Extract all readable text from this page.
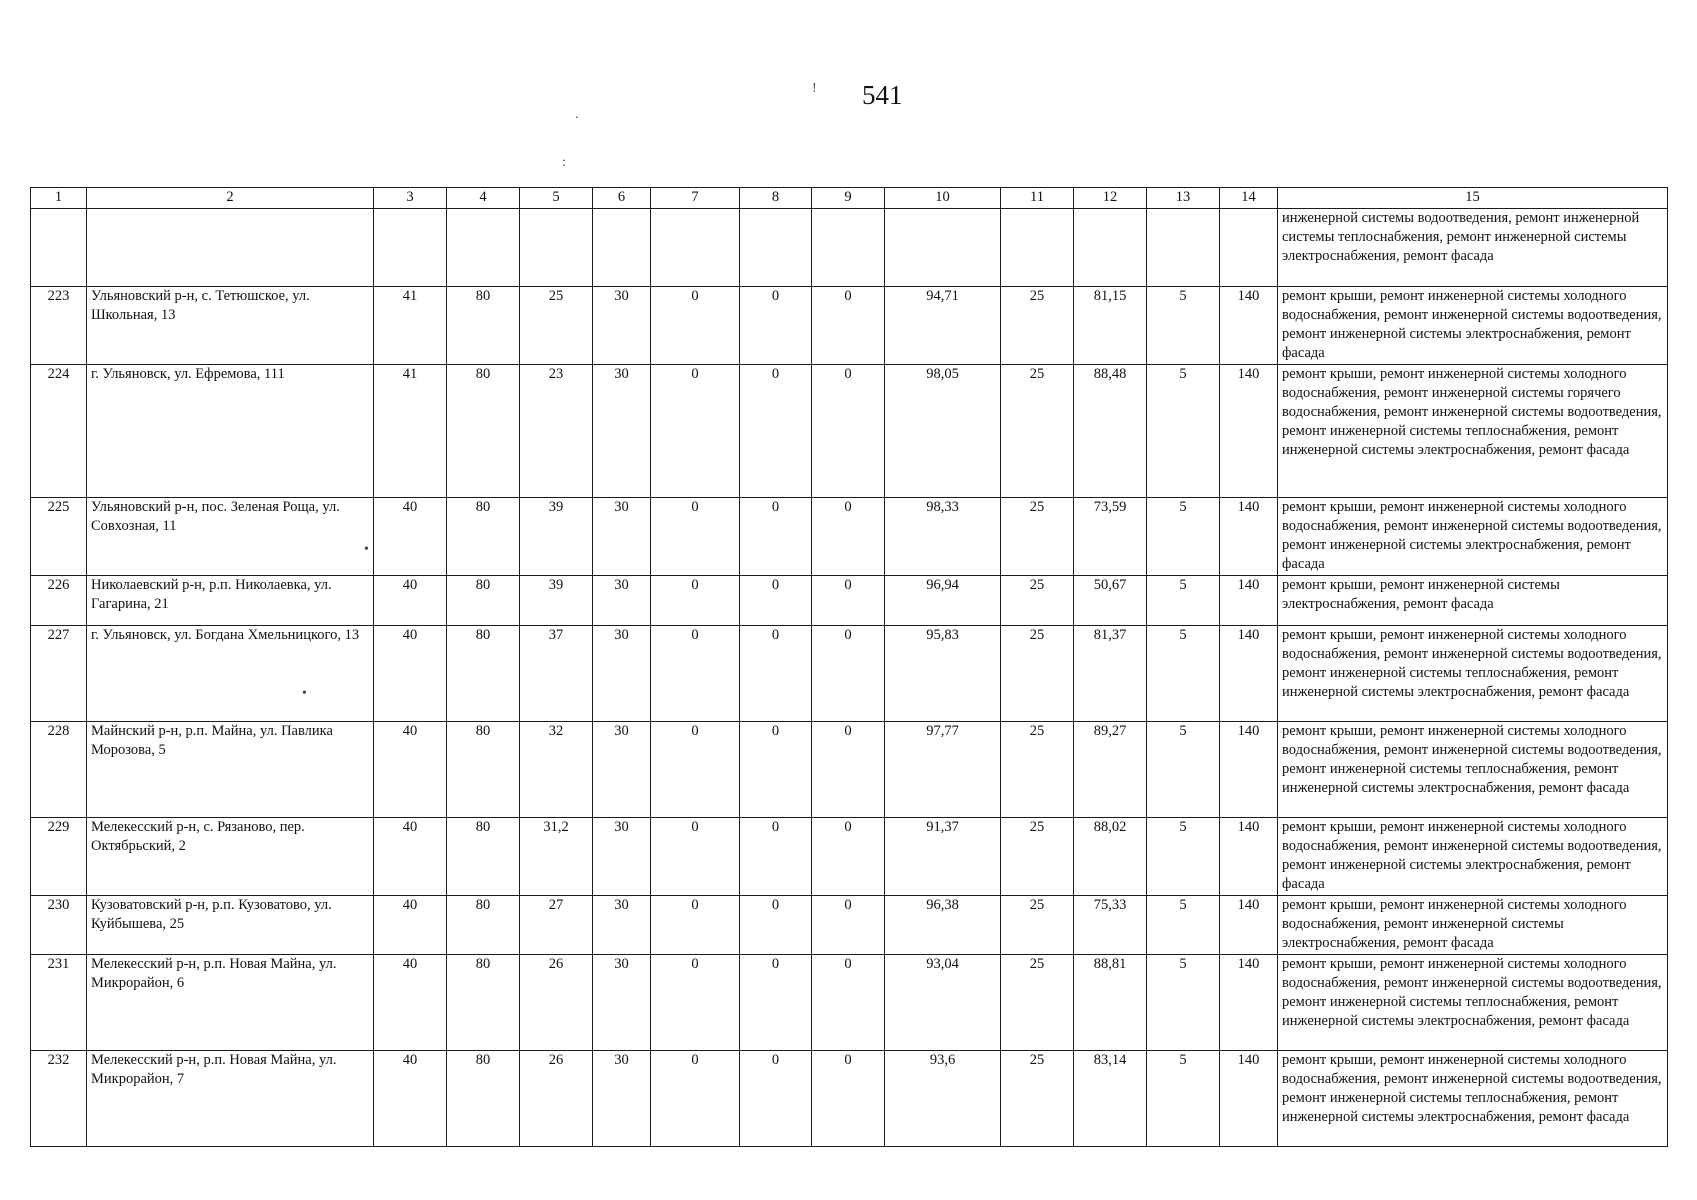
541
!
.
:
•
•
1	2	3	4	5	6	7	8	9	10	11	12	13	14	15
														инженерной системы водоотведения, ремонт инженерной системы теплоснабжения, ремонт инженерной системы электроснабжения, ремонт фасада
223	Ульяновский р-н, с. Тетюшское, ул. Школьная, 13	41	80	25	30	0	0	0	94,71	25	81,15	5	140	ремонт крыши, ремонт инженерной системы холодного водоснабжения, ремонт инженерной системы водоотведения, ремонт инженерной системы электроснабжения, ремонт фасада
224	г. Ульяновск, ул. Ефремова, 111	41	80	23	30	0	0	0	98,05	25	88,48	5	140	ремонт крыши, ремонт инженерной системы холодного водоснабжения, ремонт инженерной системы горячего водоснабжения, ремонт инженерной системы водоотведения, ремонт инженерной системы теплоснабжения, ремонт инженерной системы электроснабжения, ремонт фасада
225	Ульяновский р-н, пос. Зеленая Роща, ул. Совхозная, 11	40	80	39	30	0	0	0	98,33	25	73,59	5	140	ремонт крыши, ремонт инженерной системы холодного водоснабжения, ремонт инженерной системы водоотведения, ремонт инженерной системы электроснабжения, ремонт фасада
226	Николаевский р-н, р.п. Николаевка, ул. Гагарина, 21	40	80	39	30	0	0	0	96,94	25	50,67	5	140	ремонт крыши, ремонт инженерной системы электроснабжения, ремонт фасада
227	г. Ульяновск, ул. Богдана Хмельницкого, 13	40	80	37	30	0	0	0	95,83	25	81,37	5	140	ремонт крыши, ремонт инженерной системы холодного водоснабжения, ремонт инженерной системы водоотведения, ремонт инженерной системы теплоснабжения, ремонт инженерной системы электроснабжения, ремонт фасада
228	Майнский р-н, р.п. Майна, ул. Павлика Морозова, 5	40	80	32	30	0	0	0	97,77	25	89,27	5	140	ремонт крыши, ремонт инженерной системы холодного водоснабжения, ремонт инженерной системы водоотведения, ремонт инженерной системы теплоснабжения, ремонт инженерной системы электроснабжения, ремонт фасада
229	Мелекесский р-н, с. Рязаново, пер. Октябрьский, 2	40	80	31,2	30	0	0	0	91,37	25	88,02	5	140	ремонт крыши, ремонт инженерной системы холодного водоснабжения, ремонт инженерной системы водоотведения, ремонт инженерной системы электроснабжения, ремонт фасада
230	Кузоватовский р-н, р.п. Кузоватово, ул. Куйбышева, 25	40	80	27	30	0	0	0	96,38	25	75,33	5	140	ремонт крыши, ремонт инженерной системы холодного водоснабжения, ремонт инженерной системы электроснабжения, ремонт фасада
231	Мелекесский р-н, р.п. Новая Майна, ул. Микрорайон, 6	40	80	26	30	0	0	0	93,04	25	88,81	5	140	ремонт крыши, ремонт инженерной системы холодного водоснабжения, ремонт инженерной системы водоотведения, ремонт инженерной системы теплоснабжения, ремонт инженерной системы электроснабжения, ремонт фасада
232	Мелекесский р-н, р.п. Новая Майна, ул. Микрорайон, 7	40	80	26	30	0	0	0	93,6	25	83,14	5	140	ремонт крыши, ремонт инженерной системы холодного водоснабжения, ремонт инженерной системы водоотведения, ремонт инженерной системы теплоснабжения, ремонт инженерной системы электроснабжения, ремонт фасада
